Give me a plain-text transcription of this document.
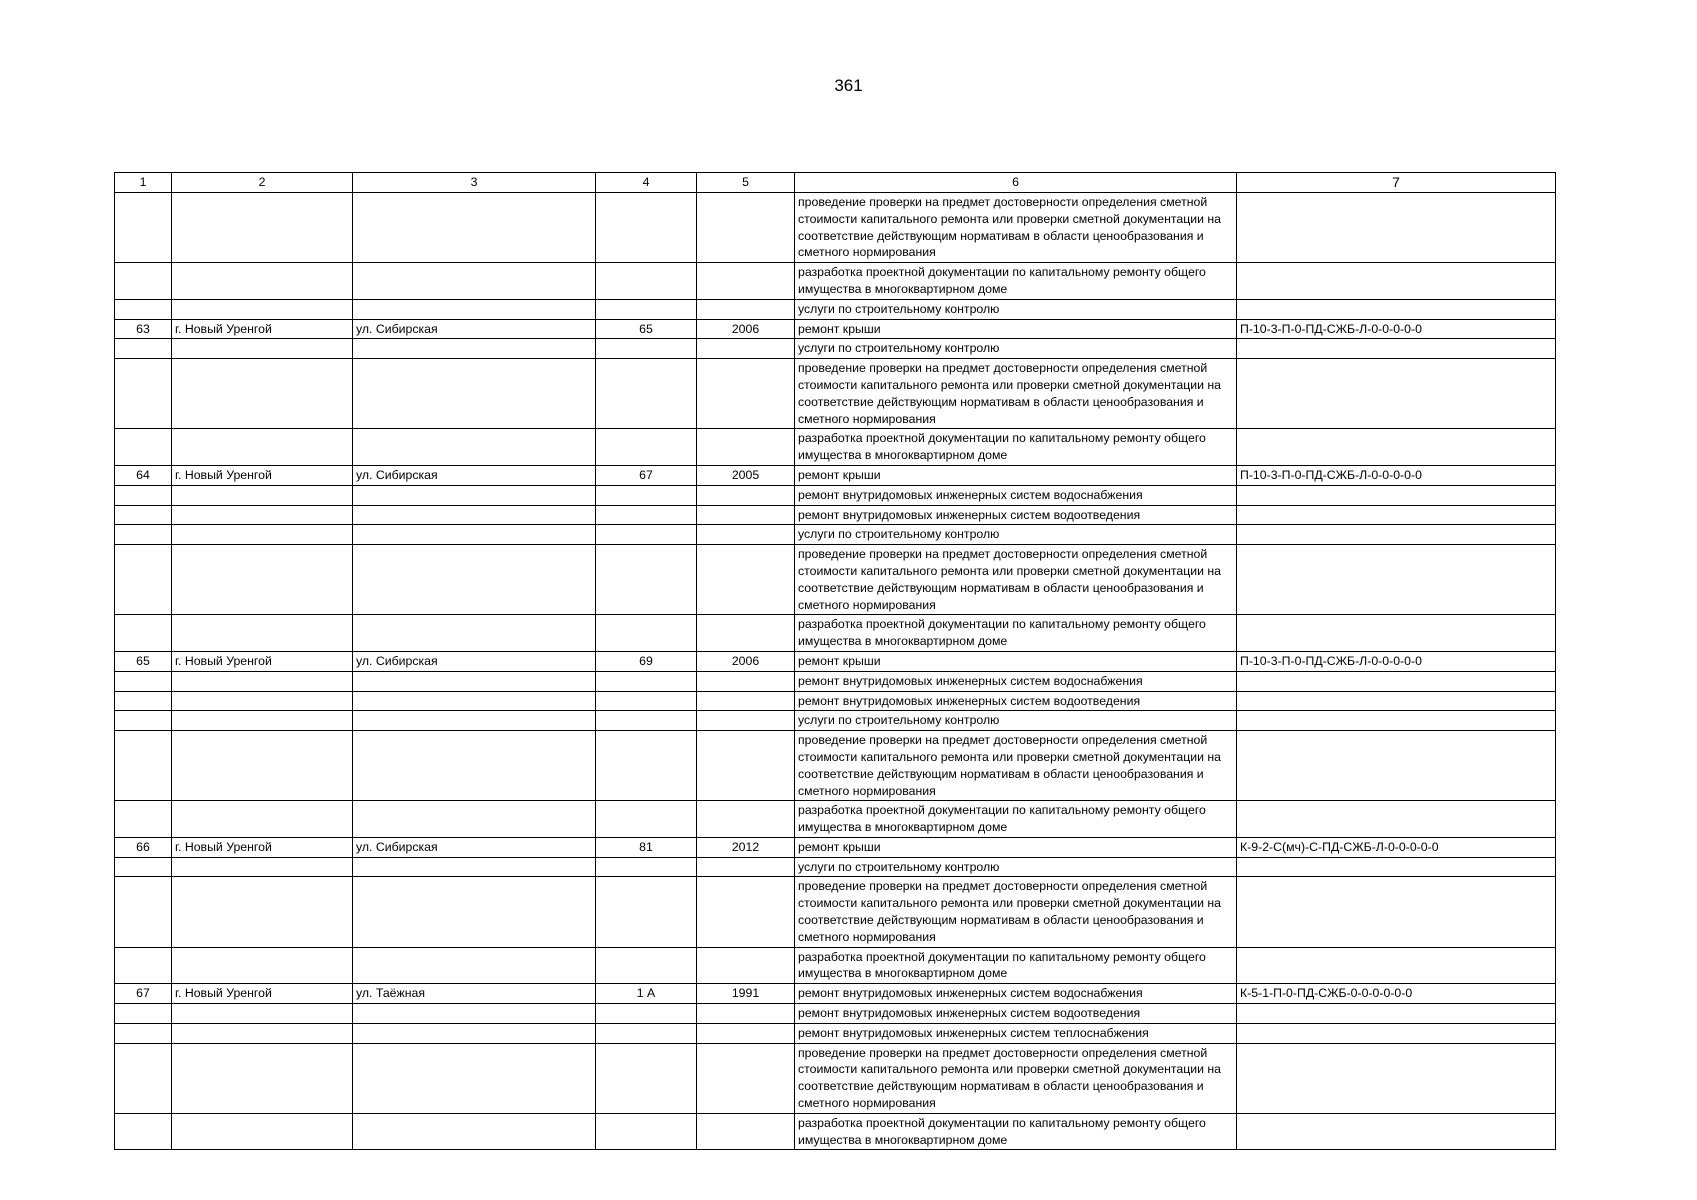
361
1	2	3	4	5	6	7
					проведение проверки на предмет достоверности определения сметной стоимости капитального ремонта или проверки сметной документации на соответствие действующим нормативам в области ценообразования и сметного нормирования	
					разработка проектной документации по капитальному ремонту общего имущества в многоквартирном доме	
					услуги по строительному контролю	
63	г. Новый Уренгой	ул. Сибирская	65	2006	ремонт крыши	П-10-3-П-0-ПД-СЖБ-Л-0-0-0-0-0
					услуги по строительному контролю	
					проведение проверки на предмет достоверности определения сметной стоимости капитального ремонта или проверки сметной документации на соответствие действующим нормативам в области ценообразования и сметного нормирования	
					разработка проектной документации по капитальному ремонту общего имущества в многоквартирном доме	
64	г. Новый Уренгой	ул. Сибирская	67	2005	ремонт крыши	П-10-3-П-0-ПД-СЖБ-Л-0-0-0-0-0
					ремонт внутридомовых инженерных систем водоснабжения	
					ремонт внутридомовых инженерных систем водоотведения	
					услуги по строительному контролю	
					проведение проверки на предмет достоверности определения сметной стоимости капитального ремонта или проверки сметной документации на соответствие действующим нормативам в области ценообразования и сметного нормирования	
					разработка проектной документации по капитальному ремонту общего имущества в многоквартирном доме	
65	г. Новый Уренгой	ул. Сибирская	69	2006	ремонт крыши	П-10-3-П-0-ПД-СЖБ-Л-0-0-0-0-0
					ремонт внутридомовых инженерных систем водоснабжения	
					ремонт внутридомовых инженерных систем водоотведения	
					услуги по строительному контролю	
					проведение проверки на предмет достоверности определения сметной стоимости капитального ремонта или проверки сметной документации на соответствие действующим нормативам в области ценообразования и сметного нормирования	
					разработка проектной документации по капитальному ремонту общего имущества в многоквартирном доме	
66	г. Новый Уренгой	ул. Сибирская	81	2012	ремонт крыши	К-9-2-С(мч)-С-ПД-СЖБ-Л-0-0-0-0-0
					услуги по строительному контролю	
					проведение проверки на предмет достоверности определения сметной стоимости капитального ремонта или проверки сметной документации на соответствие действующим нормативам в области ценообразования и сметного нормирования	
					разработка проектной документации по капитальному ремонту общего имущества в многоквартирном доме	
67	г. Новый Уренгой	ул. Таёжная	1 А	1991	ремонт внутридомовых инженерных систем водоснабжения	К-5-1-П-0-ПД-СЖБ-0-0-0-0-0-0
					ремонт внутридомовых инженерных систем водоотведения	
					ремонт внутридомовых инженерных систем теплоснабжения	
					проведение проверки на предмет достоверности определения сметной стоимости капитального ремонта или проверки сметной документации на соответствие действующим нормативам в области ценообразования и сметного нормирования	
					разработка проектной документации по капитальному ремонту общего имущества в многоквартирном доме	
